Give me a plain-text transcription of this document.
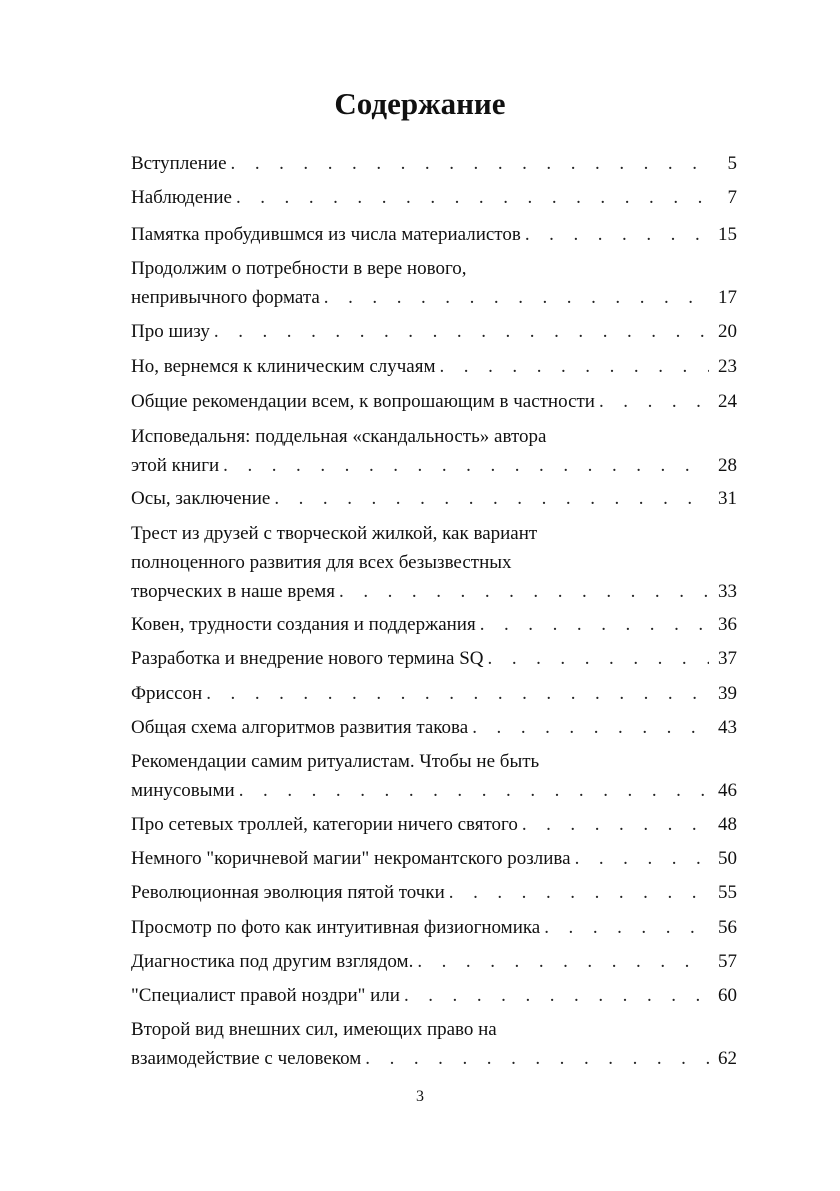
Содержание
Вступление . . .	5
Наблюдение . . .	7
Памятка пробудившмся из числа материалистов . . .	15
Продолжим о потребности в вере нового,
непривычного формата . . .	17
Про шизу . . .	20
Но, вернемся к клиническим случаям . . .	23
Общие рекомендации всем, к вопрошающим в частности . . .	24
Исповедальня: поддельная «скандальность» автора
этой книги . . .	28
Осы, заключение . . .	31
Трест из друзей с творческой жилкой, как вариант
полноценного развития для всех безызвестных
творческих в наше время . . .	33
Ковен, трудности создания и поддержания . . .	36
Разработка и внедрение нового термина SQ . . .	37
Фриссон . . .	39
Общая схема алгоритмов развития такова . . .	43
Рекомендации самим ритуалистам. Чтобы не быть
минусовыми . . .	46
Про сетевых троллей, категории ничего святого . . .	48
Немного "коричневой магии" некромантского розлива . . .	50
Революционная эволюция пятой точки . . .	55
Просмотр по фото как интуитивная физиогномика . . .	56
Диагностика под другим взглядом. . . .	57
"Специалист правой ноздри" или . . .	60
Второй вид внешних сил, имеющих право на
взаимодействие с человеком . . .	62
3
